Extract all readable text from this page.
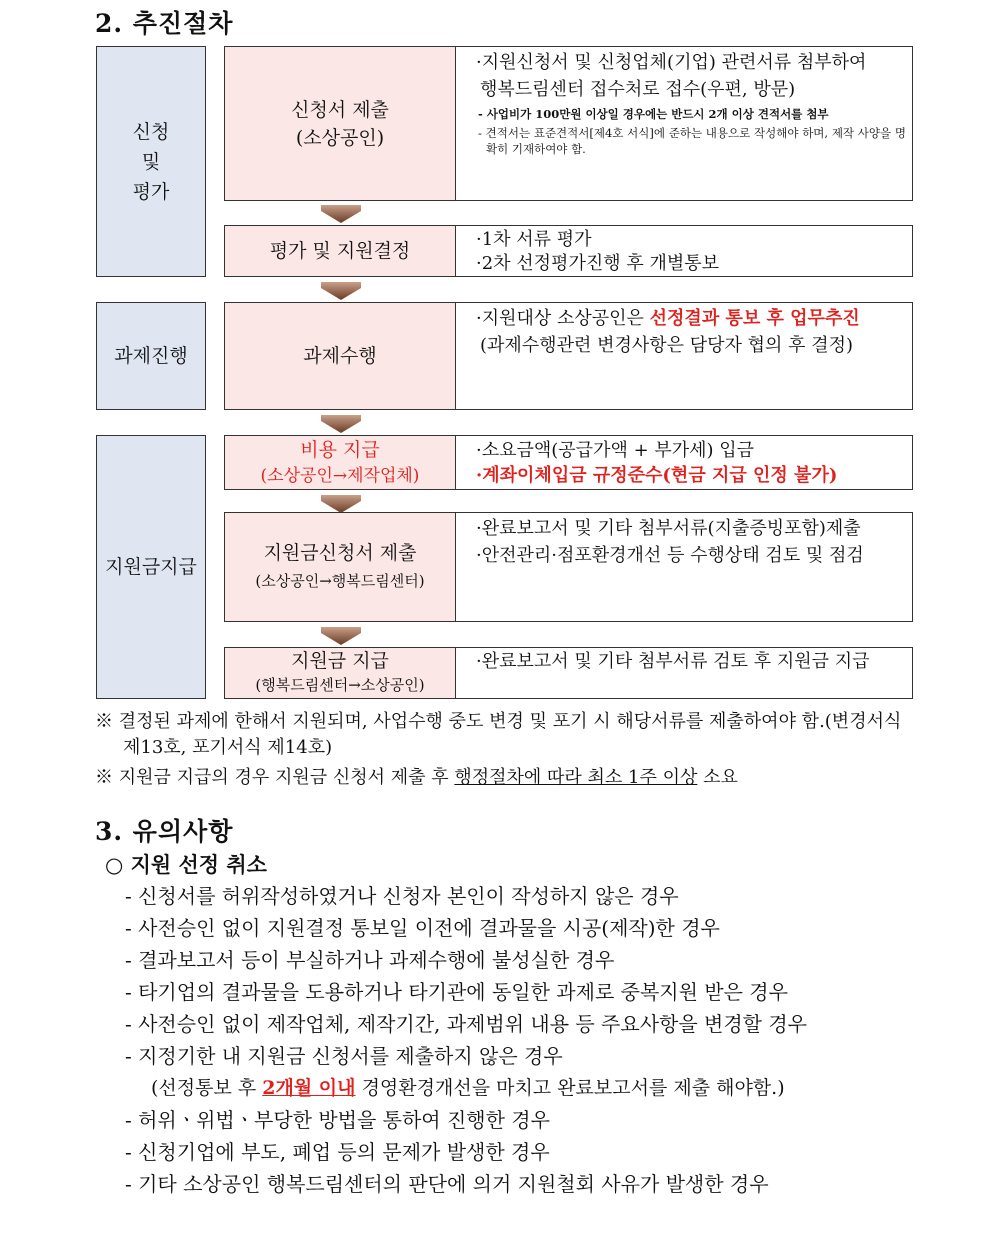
2. 추진절차
신청
및
평가
과제진행
지원금지급
신청서 제출
(소상공인)
·지원신청서 및 신청업체(기업) 관련서류 첨부하여
행복드림센터 접수처로 접수(우편, 방문)
- 사업비가 100만원 이상일 경우에는 반드시 2개 이상 견적서를 첨부
- 견적서는 표준견적서[제4호 서식]에 준하는 내용으로 작성해야 하며, 제작 사양을 명확히 기재하여야 함.
평가 및 지원결정
·1차 서류 평가
·2차 선정평가진행 후 개별통보
과제수행
·지원대상 소상공인은 선정결과 통보 후 업무추진
(과제수행관련 변경사항은 담당자 협의 후 결정)
비용 지급
(소상공인→제작업체)
·소요금액(공급가액 + 부가세) 입금
·계좌이체입금 규정준수(현금 지급 인정 불가)
지원금신청서 제출
(소상공인→행복드림센터)
·완료보고서 및 기타 첨부서류(지출증빙포함)제출
·안전관리·점포환경개선 등 수행상태 검토 및 점검
지원금 지급
(행복드림센터→소상공인)
·완료보고서 및 기타 첨부서류 검토 후 지원금 지급
※ 결정된 과제에 한해서 지원되며, 사업수행 중도 변경 및 포기 시 해당서류를 제출하여야 함.(변경서식 제13호, 포기서식 제14호)
※ 지원금 지급의 경우 지원금 신청서 제출 후 행정절차에 따라 최소 1주 이상 소요
3. 유의사항
○ 지원 선정 취소
- 신청서를 허위작성하였거나 신청자 본인이 작성하지 않은 경우
- 사전승인 없이 지원결정 통보일 이전에 결과물을 시공(제작)한 경우
- 결과보고서 등이 부실하거나 과제수행에 불성실한 경우
- 타기업의 결과물을 도용하거나 타기관에 동일한 과제로 중복지원 받은 경우
- 사전승인 없이 제작업체, 제작기간, 과제범위 내용 등 주요사항을 변경할 경우
- 지정기한 내 지원금 신청서를 제출하지 않은 경우
(선정통보 후 2개월 이내 경영환경개선을 마치고 완료보고서를 제출 해야함.)
- 허위ㆍ위법ㆍ부당한 방법을 통하여 진행한 경우
- 신청기업에 부도, 폐업 등의 문제가 발생한 경우
- 기타 소상공인 행복드림센터의 판단에 의거 지원철회 사유가 발생한 경우
